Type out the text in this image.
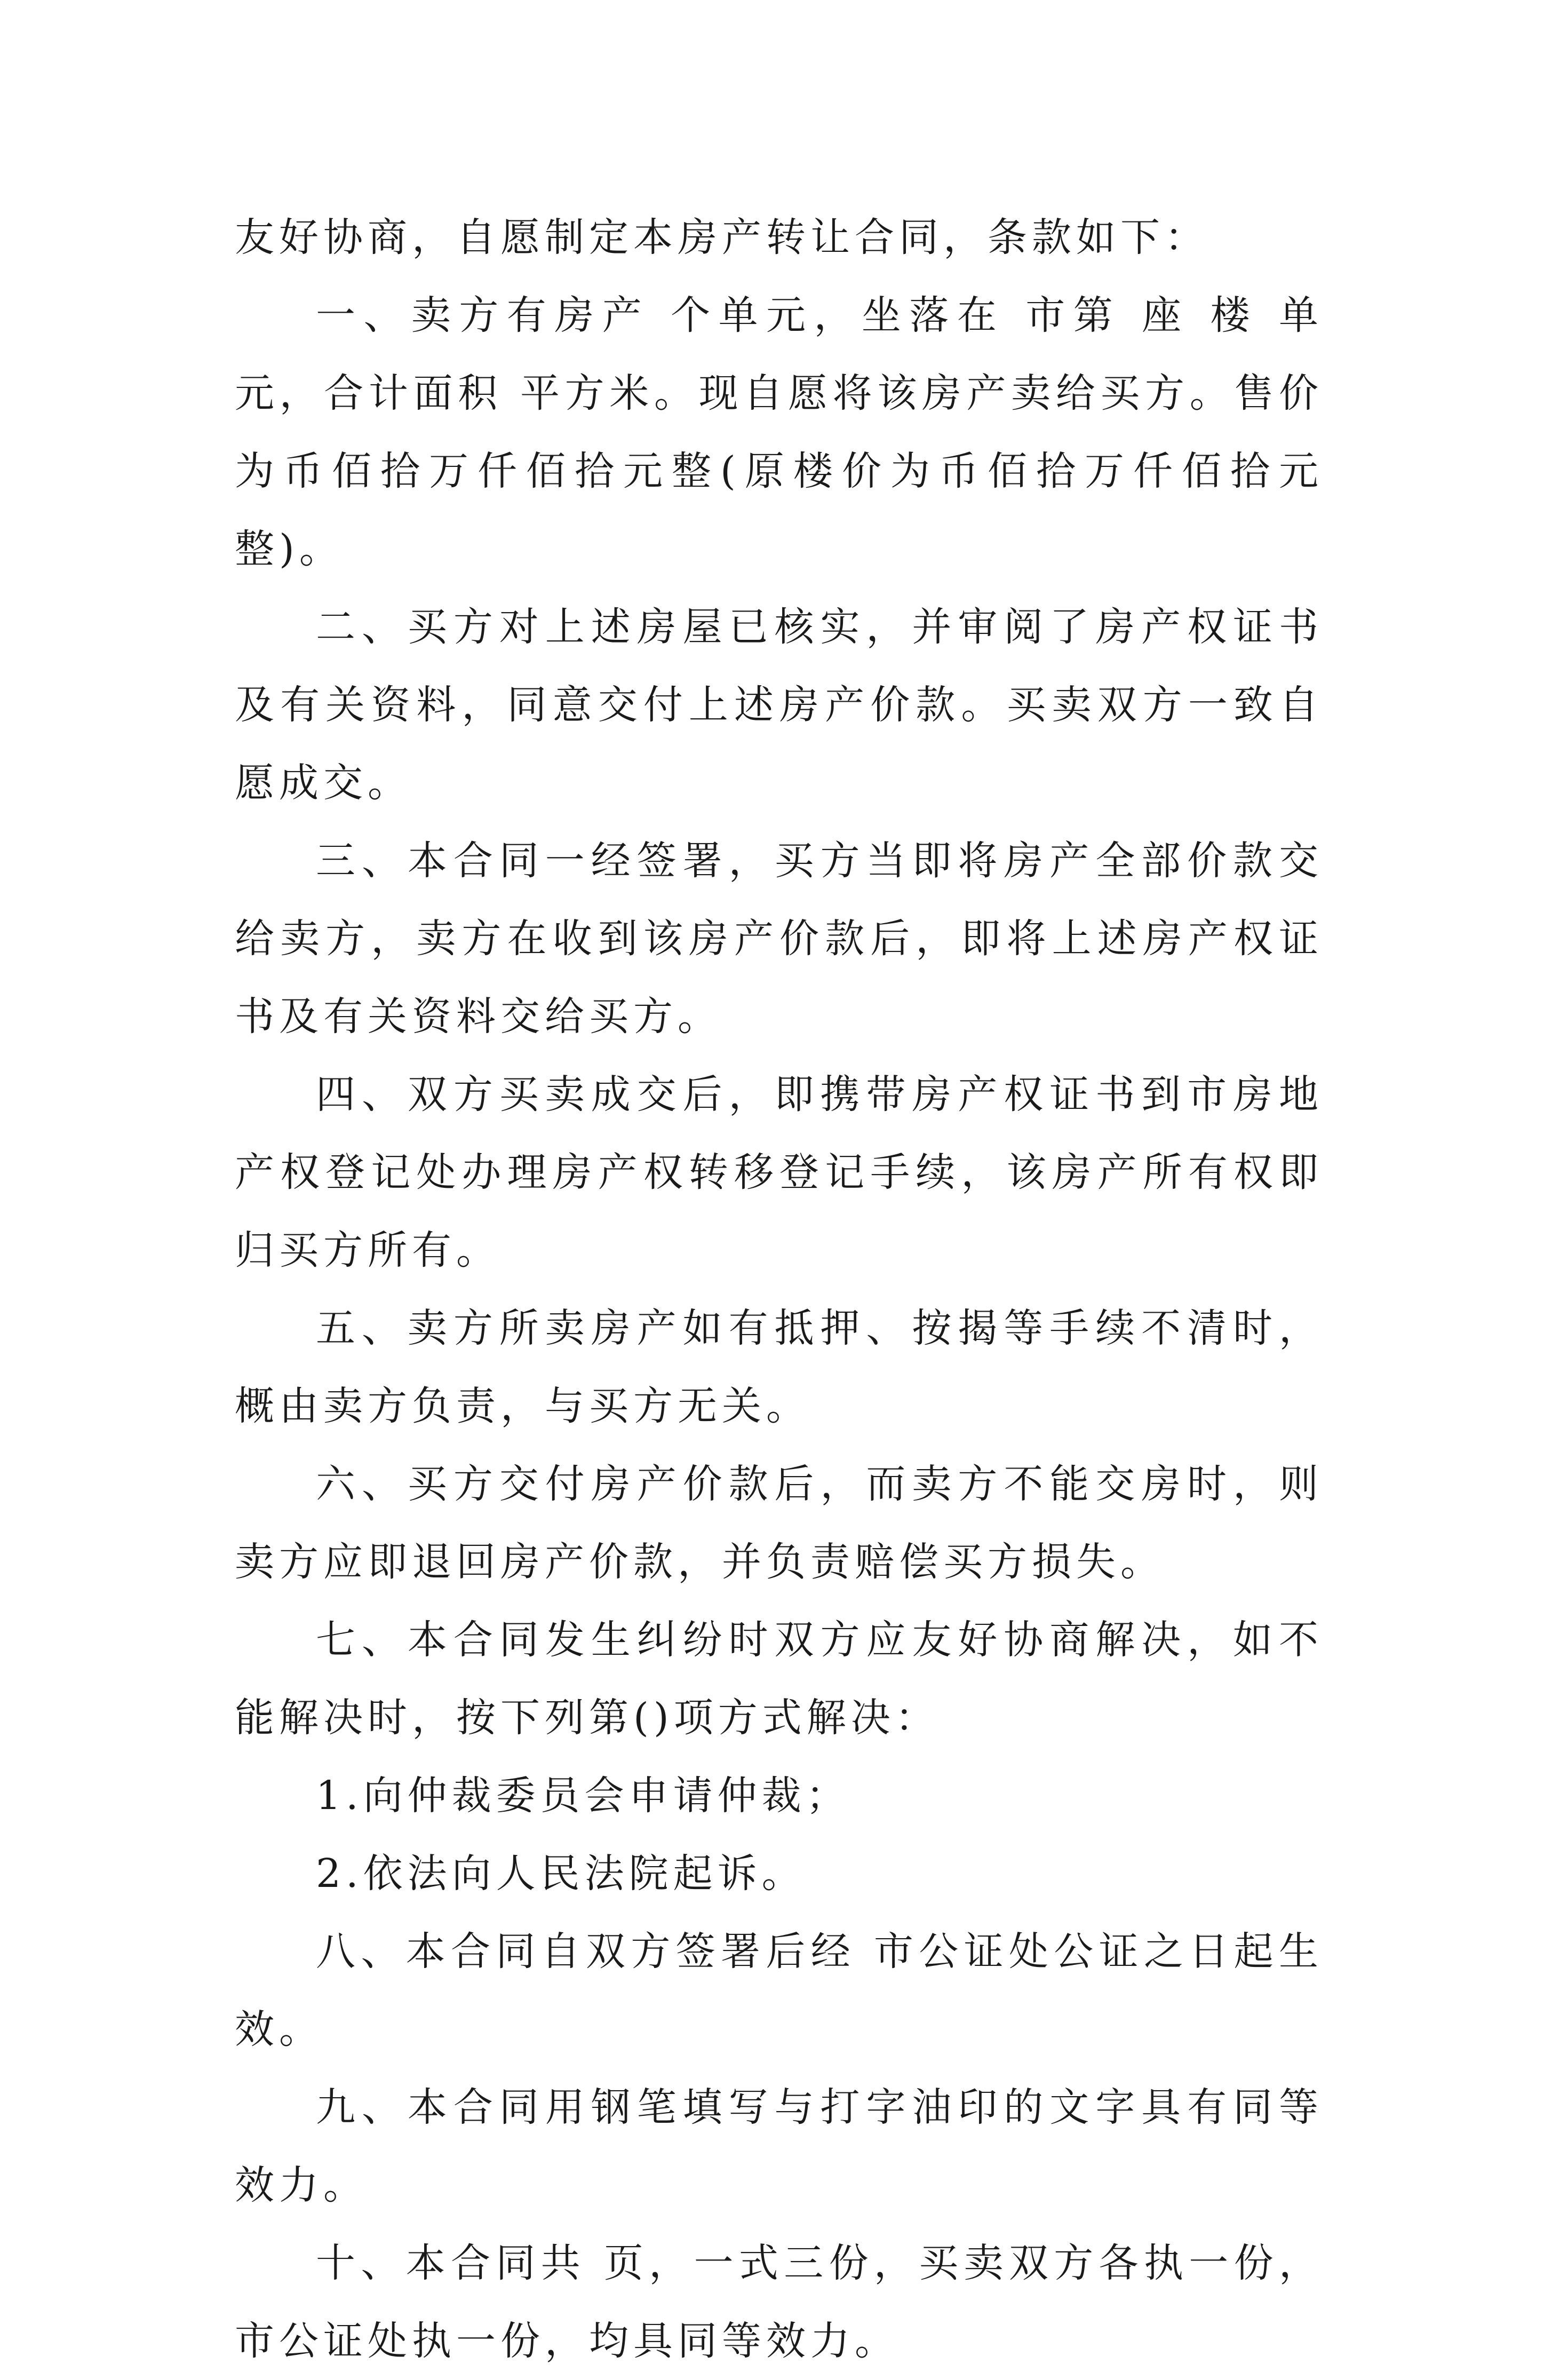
友好协商，自愿制定本房产转让合同，条款如下：

一、卖方有房产 个单元，坐落在 市第 座 楼 单元，合计面积 平方米。现自愿将该房产卖给买方。售价为币佰拾万仟佰拾元整(原楼价为币佰拾万仟佰拾元整)。

二、买方对上述房屋已核实，并审阅了房产权证书及有关资料，同意交付上述房产价款。买卖双方一致自愿成交。

三、本合同一经签署，买方当即将房产全部价款交给卖方，卖方在收到该房产价款后，即将上述房产权证书及有关资料交给买方。

四、双方买卖成交后，即携带房产权证书到市房地产权登记处办理房产权转移登记手续，该房产所有权即归买方所有。

五、卖方所卖房产如有抵押、按揭等手续不清时，概由卖方负责，与买方无关。

六、买方交付房产价款后，而卖方不能交房时，则卖方应即退回房产价款，并负责赔偿买方损失。

七、本合同发生纠纷时双方应友好协商解决，如不能解决时，按下列第()项方式解决：

1.向仲裁委员会申请仲裁；

2.依法向人民法院起诉。

八、本合同自双方签署后经 市公证处公证之日起生效。

九、本合同用钢笔填写与打字油印的文字具有同等效力。

十、本合同共 页，一式三份，买卖双方各执一份，市公证处执一份，均具同等效力。
